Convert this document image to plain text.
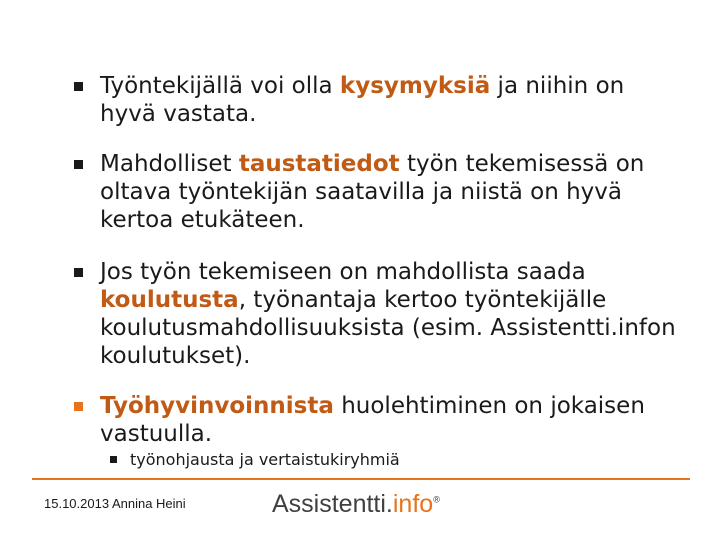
Työntekijällä voi olla kysymyksiä ja niihin on hyvä vastata.
Mahdolliset taustatiedot työn tekemisessä on oltava työntekijän saatavilla ja niistä on hyvä kertoa etukäteen.
Jos työn tekemiseen on mahdollista saada koulutusta, työnantaja kertoo työntekijälle koulutusmahdollisuuksista (esim. Assistentti.infon koulutukset).
Työhyvinvoinnista huolehtiminen on jokaisen vastuulla.
työnohjausta ja vertaistukiryhmiä
15.10.2013 Annina Heini	Assistentti.info®
